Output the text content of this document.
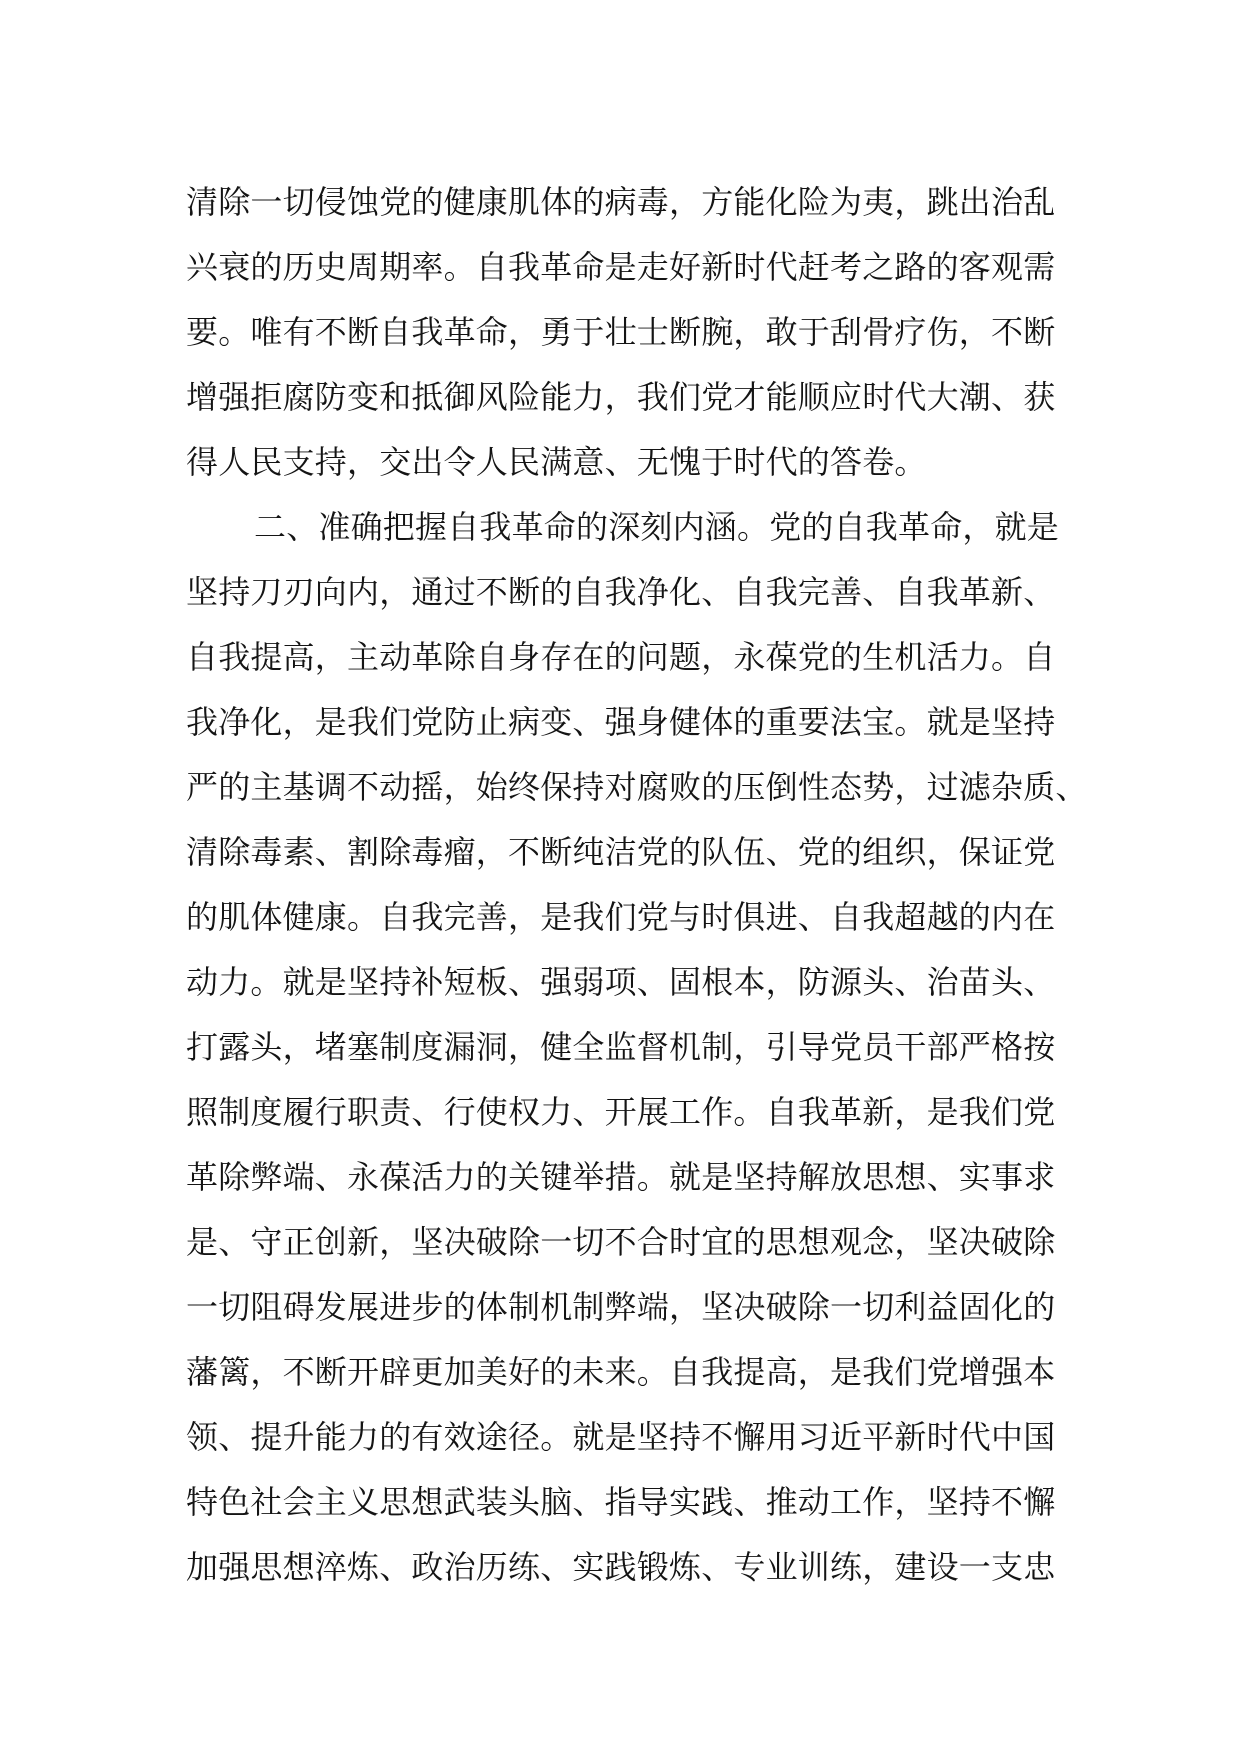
清除一切侵蚀党的健康肌体的病毒，方能化险为夷，跳出治乱
兴衰的历史周期率。自我革命是走好新时代赶考之路的客观需
要。唯有不断自我革命，勇于壮士断腕，敢于刮骨疗伤，不断
增强拒腐防变和抵御风险能力，我们党才能顺应时代大潮、获
得人民支持，交出令人民满意、无愧于时代的答卷。
二、准确把握自我革命的深刻内涵。党的自我革命，就是
坚持刀刃向内，通过不断的自我净化、自我完善、自我革新、
自我提高，主动革除自身存在的问题，永葆党的生机活力。自
我净化，是我们党防止病变、强身健体的重要法宝。就是坚持
严的主基调不动摇，始终保持对腐败的压倒性态势，过滤杂质、
清除毒素、割除毒瘤，不断纯洁党的队伍、党的组织，保证党
的肌体健康。自我完善，是我们党与时俱进、自我超越的内在
动力。就是坚持补短板、强弱项、固根本，防源头、治苗头、
打露头，堵塞制度漏洞，健全监督机制，引导党员干部严格按
照制度履行职责、行使权力、开展工作。自我革新，是我们党
革除弊端、永葆活力的关键举措。就是坚持解放思想、实事求
是、守正创新，坚决破除一切不合时宜的思想观念，坚决破除
一切阻碍发展进步的体制机制弊端，坚决破除一切利益固化的
藩篱，不断开辟更加美好的未来。自我提高，是我们党增强本
领、提升能力的有效途径。就是坚持不懈用习近平新时代中国
特色社会主义思想武装头脑、指导实践、推动工作，坚持不懈
加强思想淬炼、政治历练、实践锻炼、专业训练，建设一支忠
